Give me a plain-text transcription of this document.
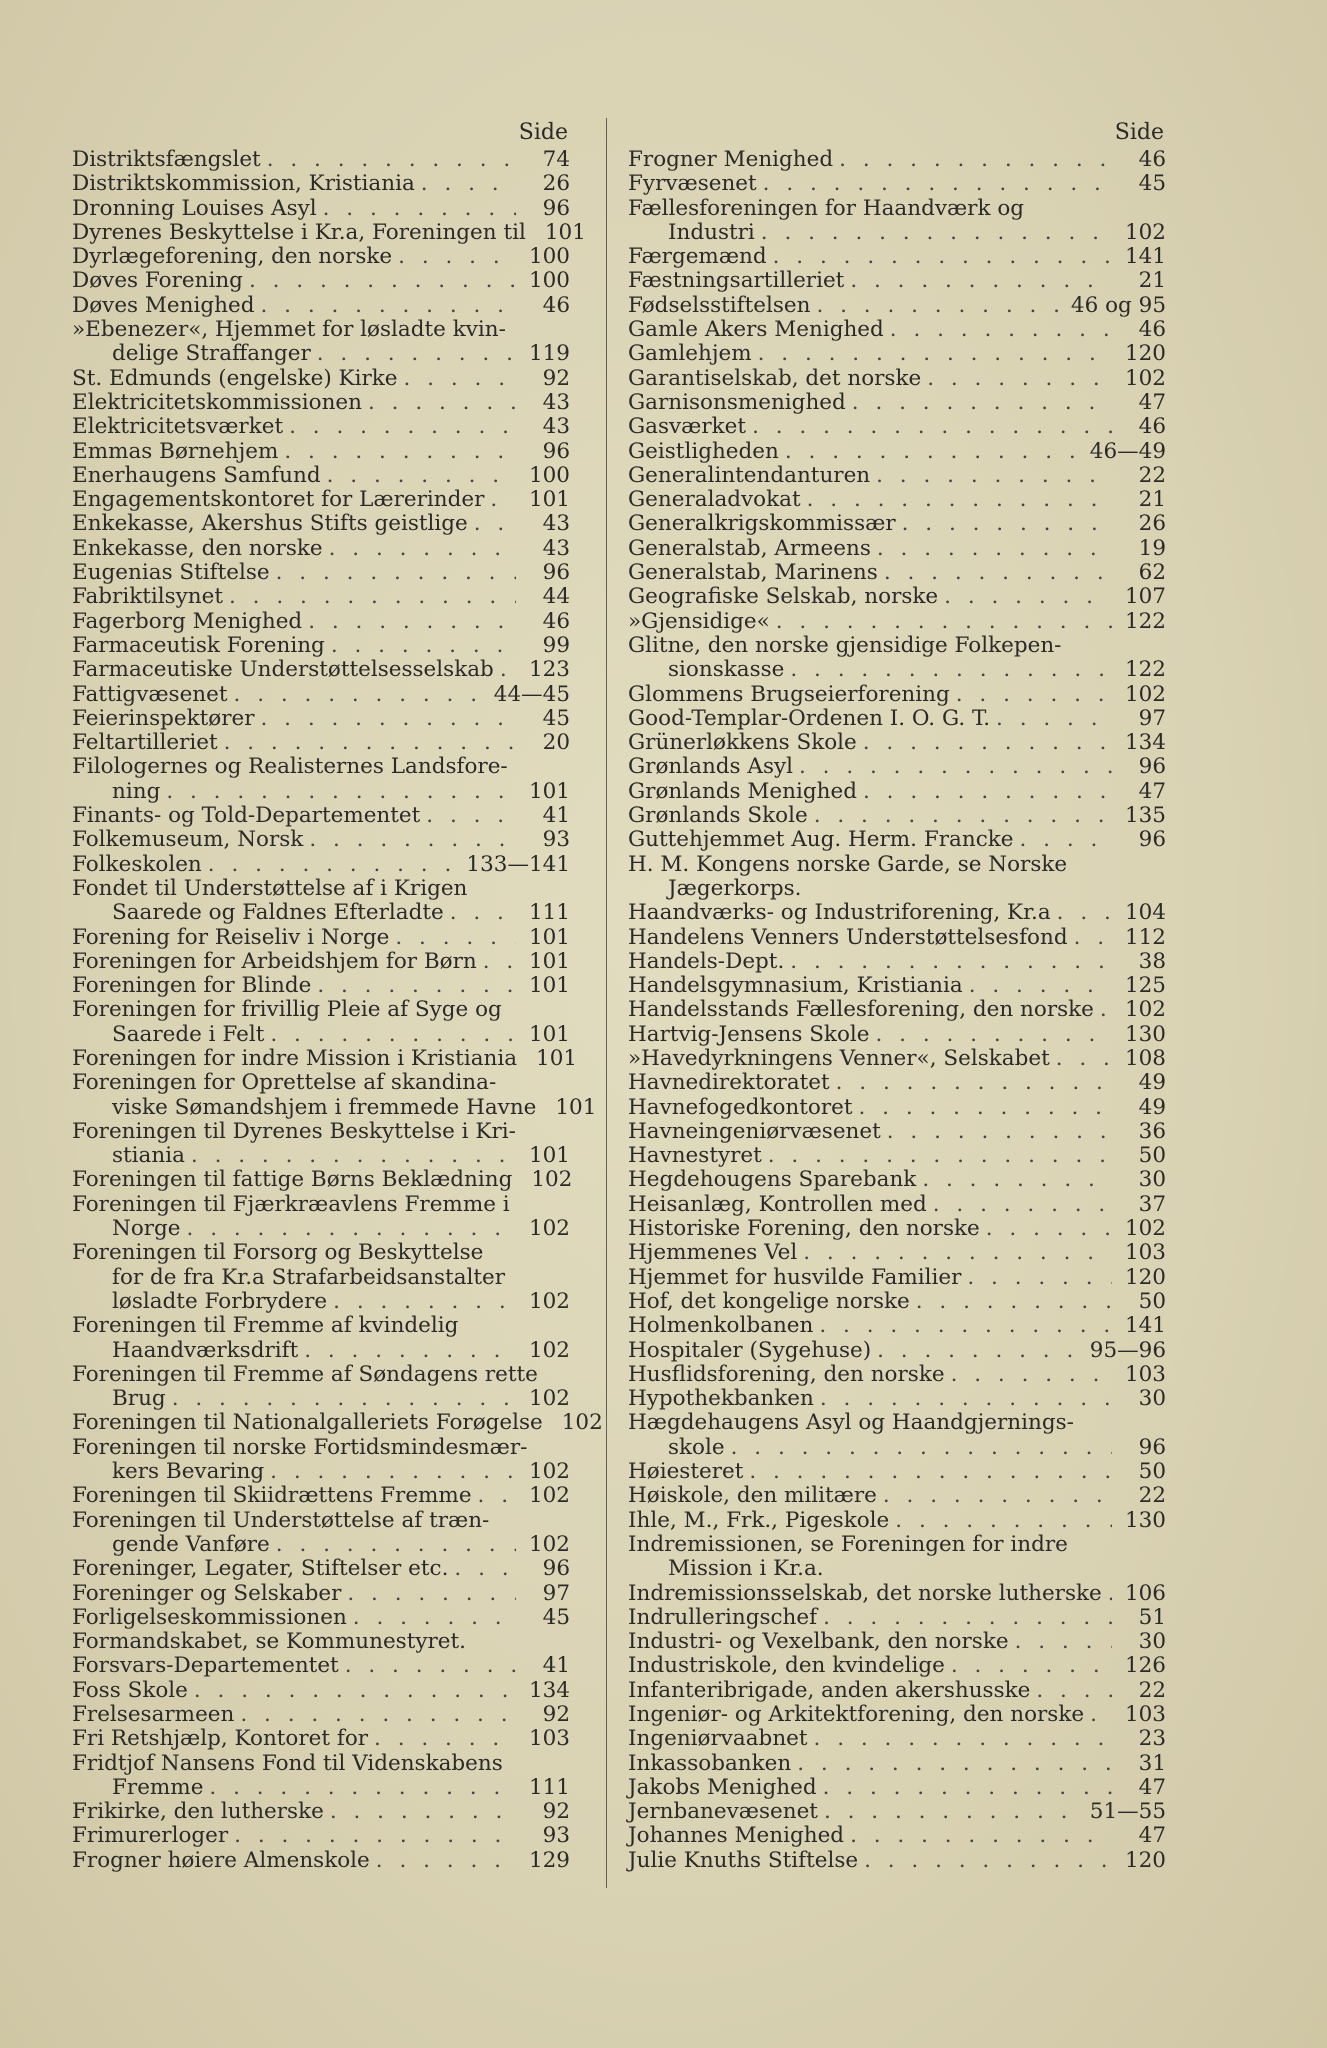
Side
Distriktsfængslet . . .	74
Distriktskommission, Kristiania . . .	26
Dronning Louises Asyl . . .	96
Dyrenes Beskyttelse i Kr.a, Foreningen til 101
Dyrlægeforening, den norske . . .	100
Døves Forening . . .	100
Døves Menighed . . .	46
»Ebenezer«, Hjemmet for løsladte kvin-
delige Straffanger . . .	119
St. Edmunds (engelske) Kirke . . .	92
Elektricitetskommissionen . . .	43
Elektricitetsværket . . .	43
Emmas Børnehjem . . .	96
Enerhaugens Samfund . . .	100
Engagementskontoret for Lærerinder . . .	101
Enkekasse, Akershus Stifts geistlige . . .	43
Enkekasse, den norske . . .	43
Eugenias Stiftelse . . .	96
Fabriktilsynet . . .	44
Fagerborg Menighed . . .	46
Farmaceutisk Forening . . .	99
Farmaceutiske Understøttelsesselskab . . .	123
Fattigvæsenet . . .	44—45
Feierinspektører . . .	45
Feltartilleriet . . .	20
Filologernes og Realisternes Landsfore-
ning . . .	101
Finants- og Told-Departementet . . .	41
Folkemuseum, Norsk . . .	93
Folkeskolen . . .	133—141
Fondet til Understøttelse af i Krigen
Saarede og Faldnes Efterladte . . .	111
Forening for Reiseliv i Norge . . .	101
Foreningen for Arbeidshjem for Børn . . .	101
Foreningen for Blinde . . .	101
Foreningen for frivillig Pleie af Syge og
Saarede i Felt . . .	101
Foreningen for indre Mission i Kristiania 101
Foreningen for Oprettelse af skandina-
viske Sømandshjem i fremmede Havne 101
Foreningen til Dyrenes Beskyttelse i Kri-
stiania . . .	101
Foreningen til fattige Børns Beklædning 102
Foreningen til Fjærkræavlens Fremme i
Norge . . .	102
Foreningen til Forsorg og Beskyttelse
for de fra Kr.a Strafarbeidsanstalter
løsladte Forbrydere . . .	102
Foreningen til Fremme af kvindelig
Haandværksdrift . . .	102
Foreningen til Fremme af Søndagens rette
Brug . . .	102
Foreningen til Nationalgalleriets Forøgelse 102
Foreningen til norske Fortidsmindesmær-
kers Bevaring . . .	102
Foreningen til Skiidrættens Fremme . . .	102
Foreningen til Understøttelse af træn-
gende Vanføre . . .	102
Foreninger, Legater, Stiftelser etc. . . .	96
Foreninger og Selskaber . . .	97
Forligelseskommissionen . . .	45
Formandskabet, se Kommunestyret.
Forsvars-Departementet . . .	41
Foss Skole . . .	134
Frelsesarmeen . . .	92
Fri Retshjælp, Kontoret for . . .	103
Fridtjof Nansens Fond til Videnskabens
Fremme . . .	111
Frikirke, den lutherske . . .	92
Frimurerloger . . .	93
Frogner høiere Almenskole . . .	129
Side
Frogner Menighed . . .	46
Fyrvæsenet . . .	45
Fællesforeningen for Haandværk og
Industri . . .	102
Færgemænd . . .	141
Fæstningsartilleriet . . .	21
Fødselsstiftelsen . . .	46 og 95
Gamle Akers Menighed . . .	46
Gamlehjem . . .	120
Garantiselskab, det norske . . .	102
Garnisonsmenighed . . .	47
Gasværket . . .	46
Geistligheden . . .	46—49
Generalintendanturen . . .	22
Generaladvokat . . .	21
Generalkrigskommissær . . .	26
Generalstab, Armeens . . .	19
Generalstab, Marinens . . .	62
Geografiske Selskab, norske . . .	107
»Gjensidige« . . .	122
Glitne, den norske gjensidige Folkepen-
sionskasse . . .	122
Glommens Brugseierforening . . .	102
Good-Templar-Ordenen I. O. G. T. . . .	97
Grünerløkkens Skole . . .	134
Grønlands Asyl . . .	96
Grønlands Menighed . . .	47
Grønlands Skole . . .	135
Guttehjemmet Aug. Herm. Francke . . .	96
H. M. Kongens norske Garde, se Norske
Jægerkorps.
Haandværks- og Industriforening, Kr.a . . .	104
Handelens Venners Understøttelsesfond . . .	112
Handels-Dept. . . .	38
Handelsgymnasium, Kristiania . . .	125
Handelsstands Fællesforening, den norske . . .	102
Hartvig-Jensens Skole . . .	130
»Havedyrkningens Venner«, Selskabet . . .	108
Havnedirektoratet . . .	49
Havnefogedkontoret . . .	49
Havneingeniørvæsenet . . .	36
Havnestyret . . .	50
Hegdehougens Sparebank . . .	30
Heisanlæg, Kontrollen med . . .	37
Historiske Forening, den norske . . .	102
Hjemmenes Vel . . .	103
Hjemmet for husvilde Familier . . .	120
Hof, det kongelige norske . . .	50
Holmenkolbanen . . .	141
Hospitaler (Sygehuse) . . .	95—96
Husflidsforening, den norske . . .	103
Hypothekbanken . . .	30
Hægdehaugens Asyl og Haandgjernings-
skole . . .	96
Høiesteret . . .	50
Høiskole, den militære . . .	22
Ihle, M., Frk., Pigeskole . . .	130
Indremissionen, se Foreningen for indre
Mission i Kr.a.
Indremissionsselskab, det norske lutherske . . .	106
Indrulleringschef . . .	51
Industri- og Vexelbank, den norske . . .	30
Industriskole, den kvindelige . . .	126
Infanteribrigade, anden akershusske . . .	22
Ingeniør- og Arkitektforening, den norske . . .	103
Ingeniørvaabnet . . .	23
Inkassobanken . . .	31
Jakobs Menighed . . .	47
Jernbanevæsenet . . .	51—55
Johannes Menighed . . .	47
Julie Knuths Stiftelse . . .	120
